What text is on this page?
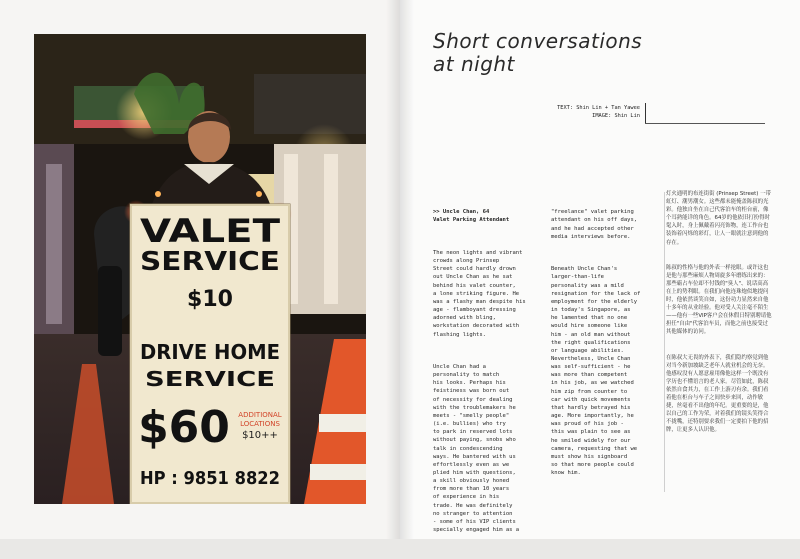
VALET
SERVICE
$10
DRIVE HOME
SERVICE
$60 ADDITIONAL
LOCATIONS
$10++
HP : 9851 8822
Short conversations
at night
TEXT: Shin Lin + Tan Yawee
IMAGE: Shin Lin

>> Uncle Chan, 64
Valet Parking Attendant

The neon lights and vibrant
crowds along Prinsep
Street could hardly drown
out Uncle Chan as he sat
behind his valet counter,
a lone striking figure. He
was a flashy man despite his
age - flamboyant dressing
adorned with bling,
workstation decorated with
flashing lights.

Uncle Chan had a
personality to match
his looks. Perhaps his
feistiness was born out
of necessity for dealing
with the troublemakers he
meets - "smelly people"
(i.e. bullies) who try
to park in reserved lots
without paying, snobs who
talk in condescending
ways. He bantered with us
effortlessly even as we
plied him with questions,
a skill obviously honed
from more than 10 years
of experience in his
trade. He was definitely
no stranger to attention
- some of his VIP clients
specially engaged him as a

"freelance" valet parking
attendant on his off days,
and he had accepted other
media interviews before.

Beneath Uncle Chan's
larger-than-life
personality was a mild
resignation for the lack of
employment for the elderly
in today's Singapore, as
he lamented that no one
would hire someone like
him - an old man without
the right qualifications
or language abilities.
Nevertheless, Uncle Chan
was self-sufficient - he
was more than competent
in his job, as we watched
him zip from counter to
car with quick movements
that hardly betrayed his
age. More importantly, he
was proud of his job -
this was plain to see as
he smiled widely for our
camera, requesting that we
must show his signboard
so that more people could
know him.

灯火通明的布连街街 (Prinsep Street) 一带虹灯、潮男潮女。这些都未能掩盖陈叔的光彩。他独自坐在自己代客泊车的柜台前，像个耳熟能详的角色。64岁的他依旧打扮得时髦入时，身上佩戴着闪亮饰物，连工作台也装饰着闪烁的彩灯，让人一眼就注意到他的存在。

陈叔的性格与他的外表一样抢眼。或许这也是他与那些麻烦人物周旋多年磨练出来的：那些霸占车位却不付钱的"臭人"、说话高高在上的势利眼。在我们向他连珠炮似地提问时，他依然谈笑自如，这份功力显然来自他十多年的从业经验。他对受人关注毫不陌生——他有一些VIP客户会在休假日特别聘请他担任"自由"代客泊车员，而他之前也接受过其他媒体的访问。

在陈叔大无畏的外表下，我们隐约察觉到他对当今新加坡缺乏老年人就业机会的无奈。他感叹没有人愿意雇用像他这样一个既没有学历也不懂语言的老人家。尽管如此，陈叔依然自食其力，在工作上游刃有余。我们看着他在柜台与车子之间快步来回，动作敏捷，丝毫看不出他的年纪。更重要的是，他以自己的工作为荣，对着我们的镜头笑得合不拢嘴，还特别要求我们一定要拍下他的招牌，让更多人认识他。
